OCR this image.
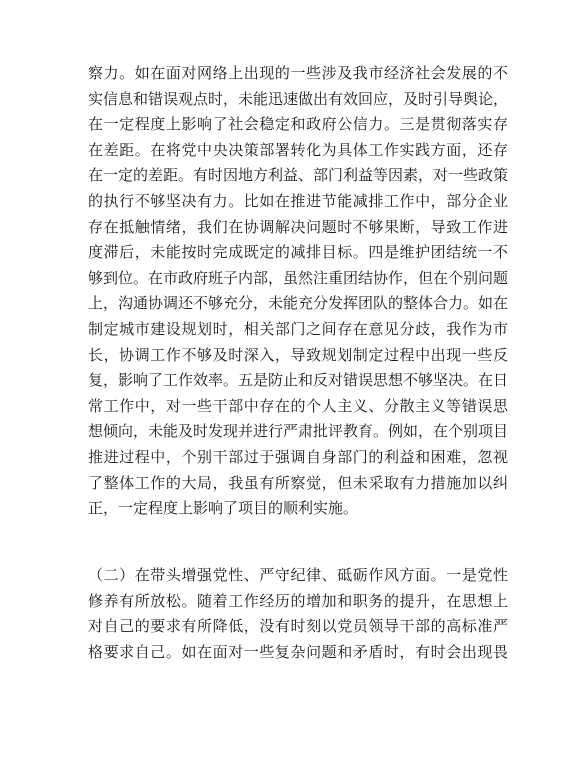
察力。如在面对网络上出现的一些涉及我市经济社会发展的不
实信息和错误观点时，未能迅速做出有效回应，及时引导舆论，
在一定程度上影响了社会稳定和政府公信力。三是贯彻落实存
在差距。在将党中央决策部署转化为具体工作实践方面，还存
在一定的差距。有时因地方利益、部门利益等因素，对一些政策
的执行不够坚决有力。比如在推进节能减排工作中，部分企业
存在抵触情绪，我们在协调解决问题时不够果断，导致工作进
度滞后，未能按时完成既定的减排目标。四是维护团结统一不
够到位。在市政府班子内部，虽然注重团结协作，但在个别问题
上，沟通协调还不够充分，未能充分发挥团队的整体合力。如在
制定城市建设规划时，相关部门之间存在意见分歧，我作为市
长，协调工作不够及时深入，导致规划制定过程中出现一些反
复，影响了工作效率。五是防止和反对错误思想不够坚决。在日
常工作中，对一些干部中存在的个人主义、分散主义等错误思
想倾向，未能及时发现并进行严肃批评教育。例如，在个别项目
推进过程中，个别干部过于强调自身部门的利益和困难，忽视
了整体工作的大局，我虽有所察觉，但未采取有力措施加以纠
正，一定程度上影响了项目的顺利实施。
（二）在带头增强党性、严守纪律、砥砺作风方面。一是党性
修养有所放松。随着工作经历的增加和职务的提升，在思想上
对自己的要求有所降低，没有时刻以党员领导干部的高标准严
格要求自己。如在面对一些复杂问题和矛盾时，有时会出现畏
